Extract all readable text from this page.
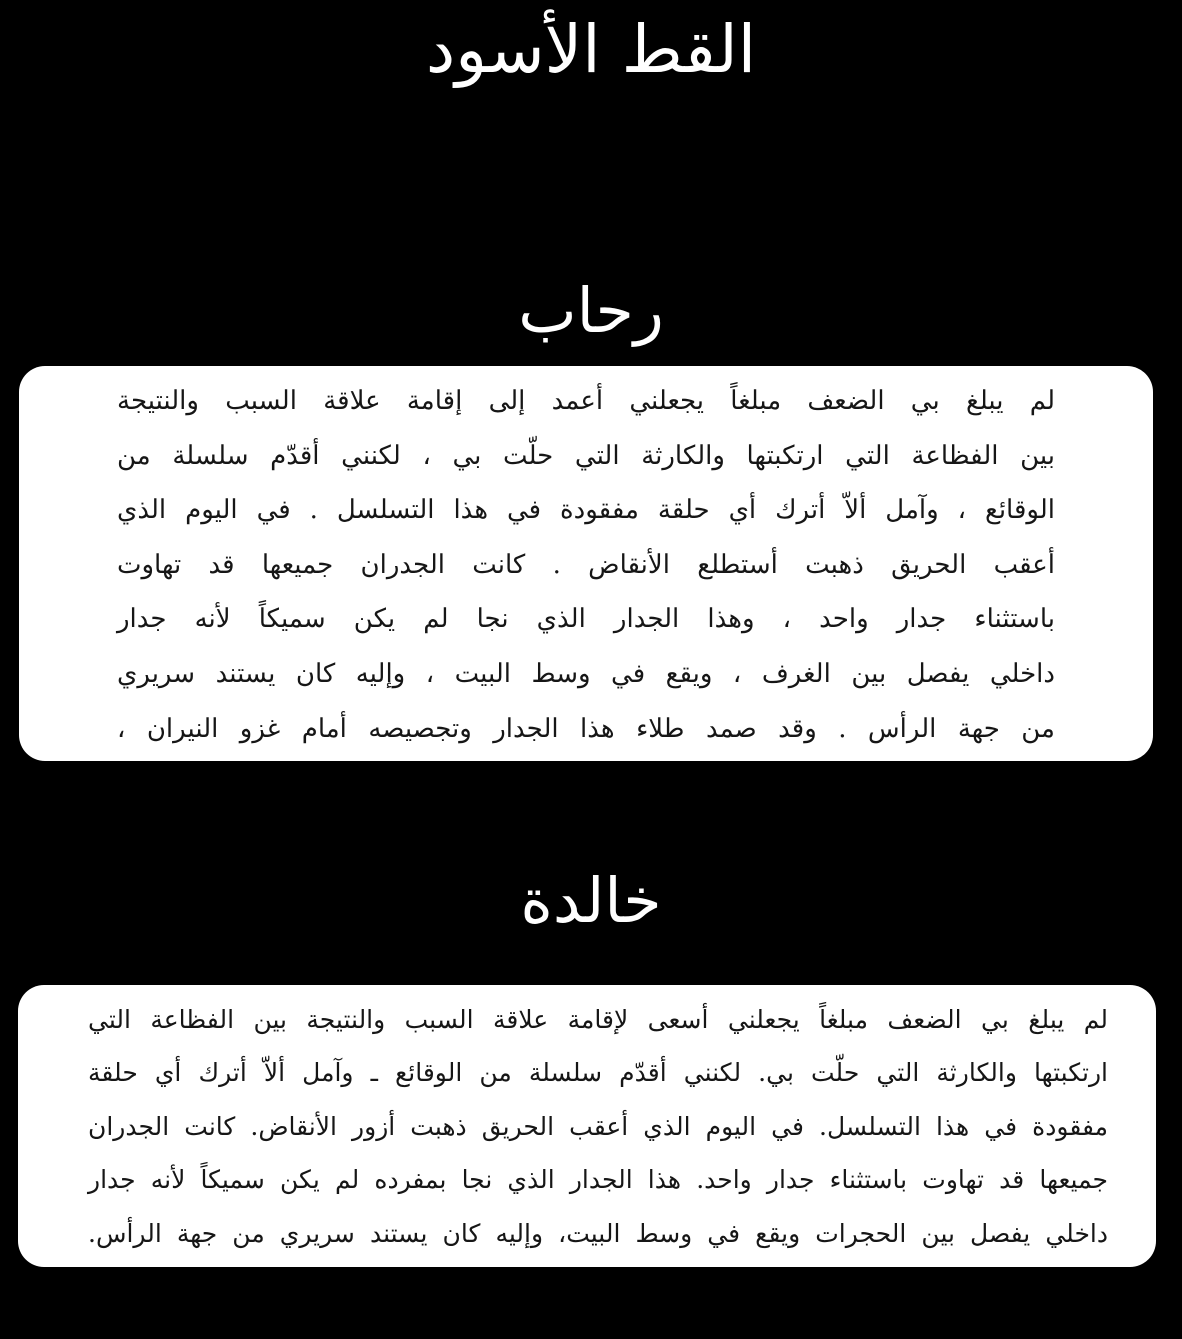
القط الأسود
رحاب
لم يبلغ بي الضعف مبلغاً يجعلني أعمد إلى إقامة علاقة السبب والنتيجة
بين الفظاعة التي ارتكبتها والكارثة التي حلّت بي ، لكنني أقدّم سلسلة من
الوقائع ، وآمل ألاّ أترك أي حلقة مفقودة في هذا التسلسل . في اليوم الذي
أعقب الحريق ذهبت أستطلع الأنقاض . كانت الجدران جميعها قد تهاوت
باستثناء جدار واحد ، وهذا الجدار الذي نجا لم يكن سميكاً لأنه جدار
داخلي يفصل بين الغرف ، ويقع في وسط البيت ، وإليه كان يستند سريري
من جهة الرأس . وقد صمد طلاء هذا الجدار وتجصيصه أمام غزو النيران ،
خالدة
لم يبلغ بي الضعف مبلغاً يجعلني أسعى لإقامة علاقة السبب والنتيجة بين الفظاعة التي
ارتكبتها والكارثة التي حلّت بي. لكنني أقدّم سلسلة من الوقائع ـ وآمل ألاّ أترك أي حلقة
مفقودة في هذا التسلسل. في اليوم الذي أعقب الحريق ذهبت أزور الأنقاض. كانت الجدران
جميعها قد تهاوت باستثناء جدار واحد. هذا الجدار الذي نجا بمفرده لم يكن سميكاً لأنه جدار
داخلي يفصل بين الحجرات ويقع في وسط البيت، وإليه كان يستند سريري من جهة الرأس.
